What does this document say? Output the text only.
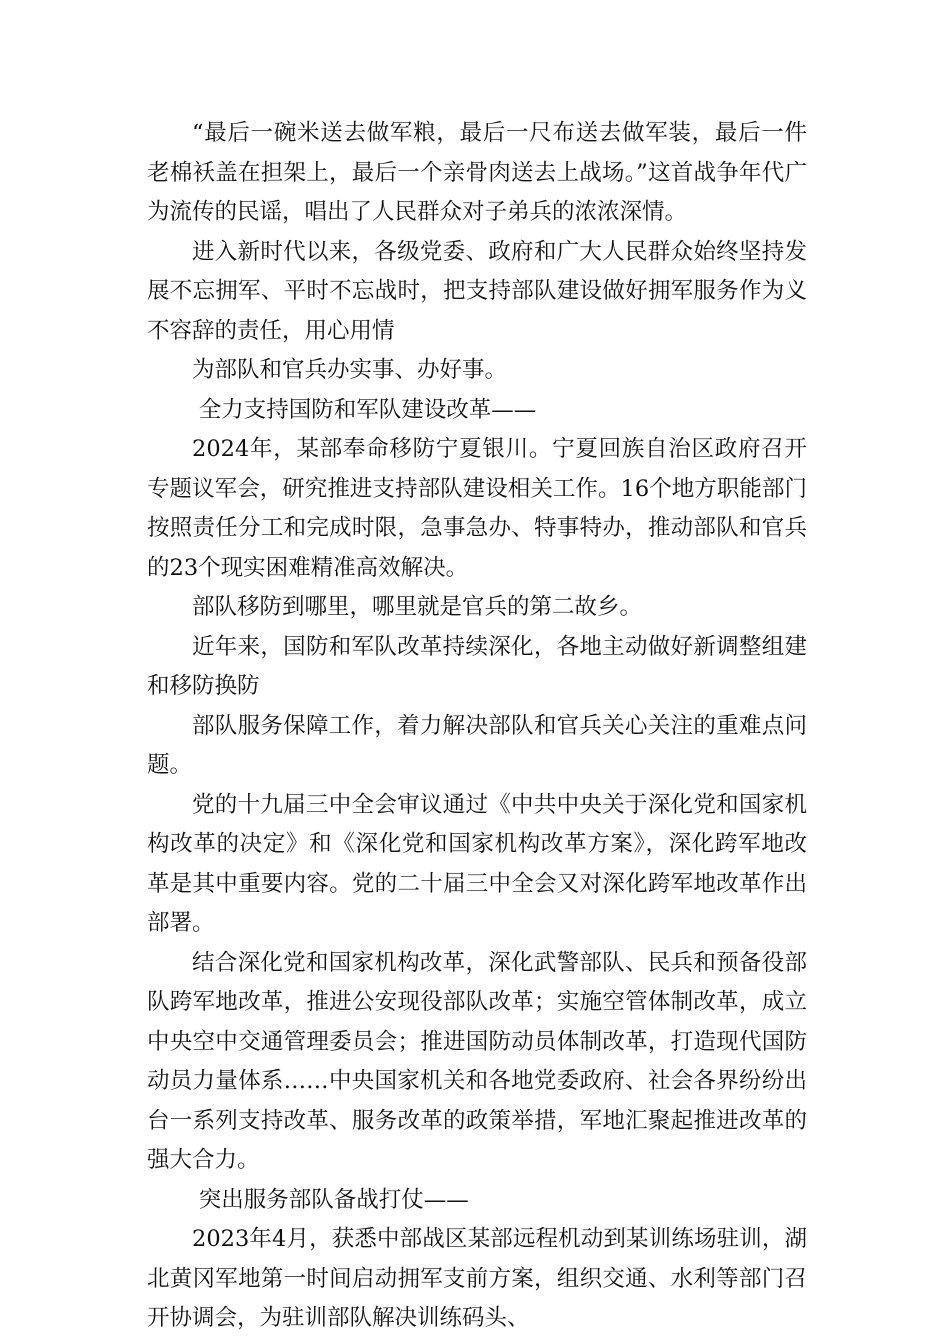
“最后一碗米送去做军粮，最后一尺布送去做军装，最后一件老棉袄盖在担架上，最后一个亲骨肉送去上战场。”这首战争年代广为流传的民谣，唱出了人民群众对子弟兵的浓浓深情。

进入新时代以来，各级党委、政府和广大人民群众始终坚持发展不忘拥军、平时不忘战时，把支持部队建设做好拥军服务作为义不容辞的责任，用心用情

为部队和官兵办实事、办好事。

全力支持国防和军队建设改革——

2024年，某部奉命移防宁夏银川。宁夏回族自治区政府召开专题议军会，研究推进支持部队建设相关工作。16个地方职能部门按照责任分工和完成时限，急事急办、特事特办，推动部队和官兵的23个现实困难精准高效解决。

部队移防到哪里，哪里就是官兵的第二故乡。

近年来，国防和军队改革持续深化，各地主动做好新调整组建和移防换防

部队服务保障工作，着力解决部队和官兵关心关注的重难点问题。

党的十九届三中全会审议通过《中共中央关于深化党和国家机构改革的决定》和《深化党和国家机构改革方案》，深化跨军地改革是其中重要内容。党的二十届三中全会又对深化跨军地改革作出部署。

结合深化党和国家机构改革，深化武警部队、民兵和预备役部队跨军地改革，推进公安现役部队改革；实施空管体制改革，成立中央空中交通管理委员会；推进国防动员体制改革，打造现代国防动员力量体系……中央国家机关和各地党委政府、社会各界纷纷出台一系列支持改革、服务改革的政策举措，军地汇聚起推进改革的强大合力。

突出服务部队备战打仗——

2023年4月，获悉中部战区某部远程机动到某训练场驻训，湖北黄冈军地第一时间启动拥军支前方案，组织交通、水利等部门召开协调会，为驻训部队解决训练码头、
